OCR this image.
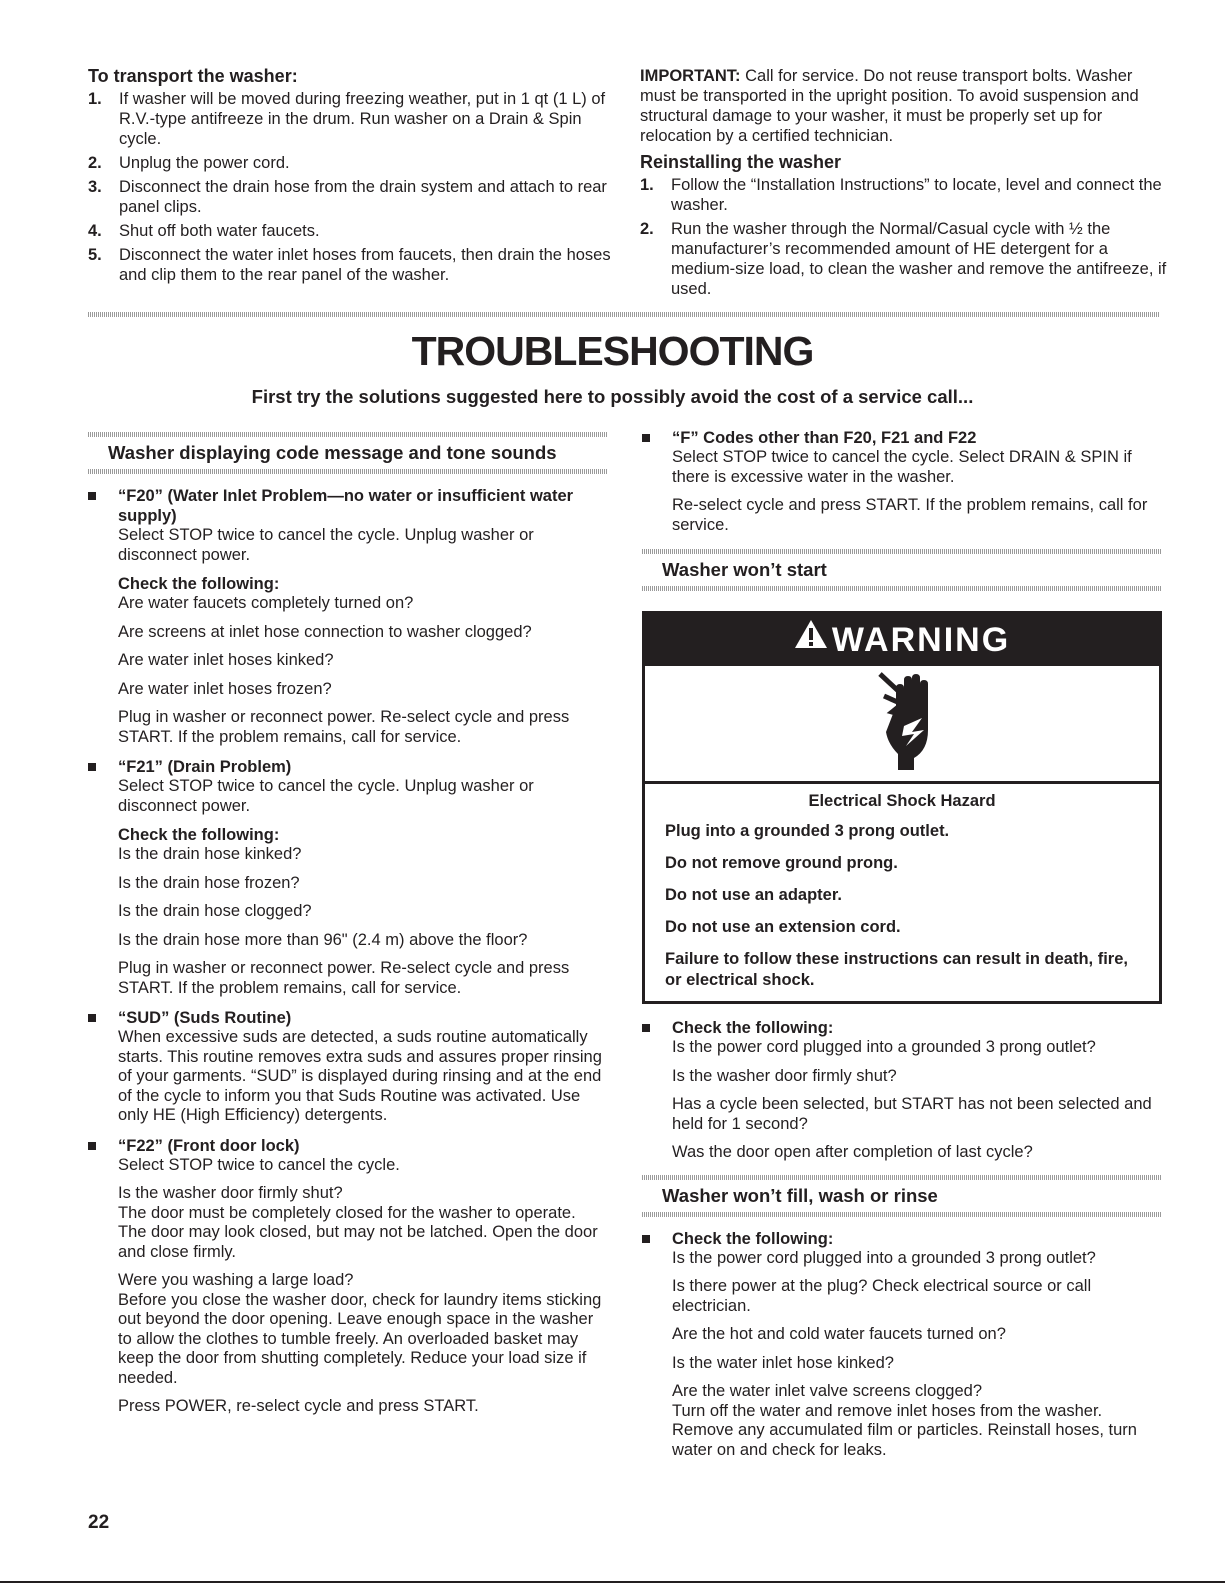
To transport the washer:
1. If washer will be moved during freezing weather, put in 1 qt (1 L) of R.V.-type antifreeze in the drum. Run washer on a Drain & Spin cycle.
2. Unplug the power cord.
3. Disconnect the drain hose from the drain system and attach to rear panel clips.
4. Shut off both water faucets.
5. Disconnect the water inlet hoses from faucets, then drain the hoses and clip them to the rear panel of the washer.

IMPORTANT: Call for service. Do not reuse transport bolts. Washer must be transported in the upright position. To avoid suspension and structural damage to your washer, it must be properly set up for relocation by a certified technician.

Reinstalling the washer
1. Follow the “Installation Instructions” to locate, level and connect the washer.
2. Run the washer through the Normal/Casual cycle with ½ the manufacturer’s recommended amount of HE detergent for a medium-size load, to clean the washer and remove the antifreeze, if used.
TROUBLESHOOTING
First try the solutions suggested here to possibly avoid the cost of a service call...
Washer displaying code message and tone sounds
“F20” (Water Inlet Problem—no water or insufficient water supply)

Select STOP twice to cancel the cycle. Unplug washer or disconnect power.

Check the following:

Are water faucets completely turned on?

Are screens at inlet hose connection to washer clogged?

Are water inlet hoses kinked?

Are water inlet hoses frozen?

Plug in washer or reconnect power. Re-select cycle and press START. If the problem remains, call for service.

“F21” (Drain Problem)

Select STOP twice to cancel the cycle. Unplug washer or disconnect power.

Check the following:

Is the drain hose kinked?

Is the drain hose frozen?

Is the drain hose clogged?

Is the drain hose more than 96" (2.4 m) above the floor?

Plug in washer or reconnect power. Re-select cycle and press START. If the problem remains, call for service.

“SUD” (Suds Routine)

When excessive suds are detected, a suds routine automatically starts. This routine removes extra suds and assures proper rinsing of your garments. “SUD” is displayed during rinsing and at the end of the cycle to inform you that Suds Routine was activated. Use only HE (High Efficiency) detergents.

“F22” (Front door lock)

Select STOP twice to cancel the cycle.

Is the washer door firmly shut?

The door must be completely closed for the washer to operate. The door may look closed, but may not be latched. Open the door and close firmly.

Were you washing a large load?

Before you close the washer door, check for laundry items sticking out beyond the door opening. Leave enough space in the washer to allow the clothes to tumble freely. An overloaded basket may keep the door from shutting completely. Reduce your load size if needed.

Press POWER, re-select cycle and press START.

“F” Codes other than F20, F21 and F22

Select STOP twice to cancel the cycle. Select DRAIN & SPIN if there is excessive water in the washer.

Re-select cycle and press START. If the problem remains, call for service.

Washer won’t start
WARNING
Electrical Shock Hazard
Plug into a grounded 3 prong outlet.
Do not remove ground prong.
Do not use an adapter.
Do not use an extension cord.
Failure to follow these instructions can result in death, fire, or electrical shock.
Check the following:

Is the power cord plugged into a grounded 3 prong outlet?

Is the washer door firmly shut?

Has a cycle been selected, but START has not been selected and held for 1 second?

Was the door open after completion of last cycle?

Washer won’t fill, wash or rinse
Check the following:

Is the power cord plugged into a grounded 3 prong outlet?

Is there power at the plug? Check electrical source or call electrician.

Are the hot and cold water faucets turned on?

Is the water inlet hose kinked?

Are the water inlet valve screens clogged?

Turn off the water and remove inlet hoses from the washer. Remove any accumulated film or particles. Reinstall hoses, turn water on and check for leaks.

22
